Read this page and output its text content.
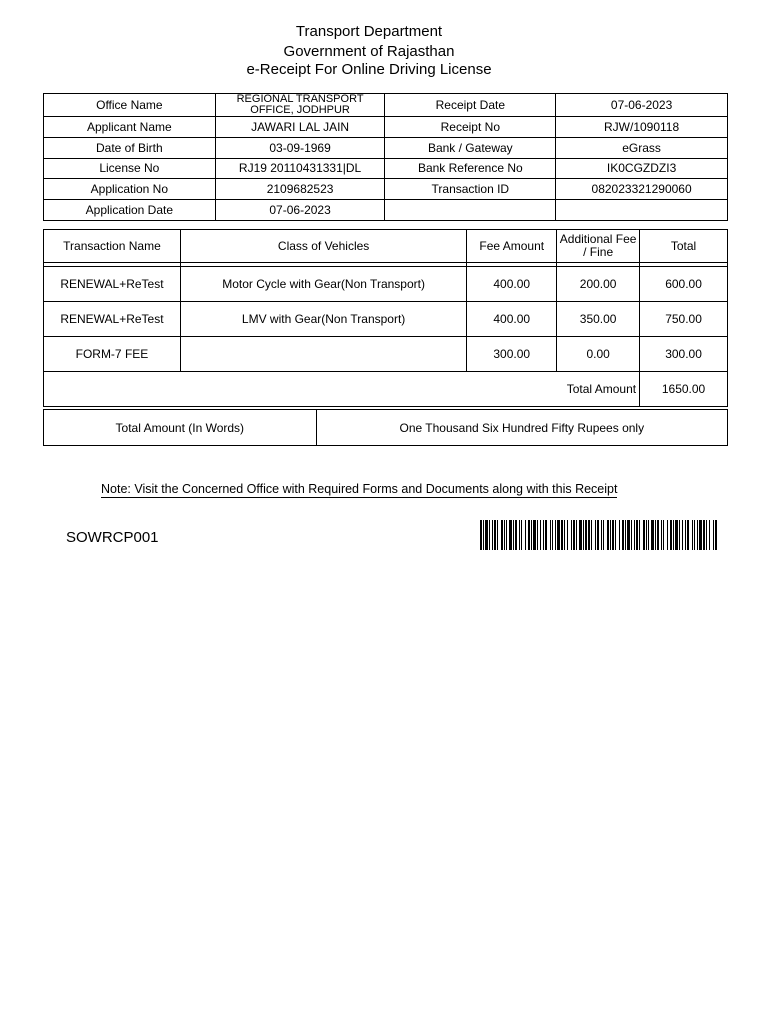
Transport Department
Government of Rajasthan
e-Receipt For Online Driving License
Office Name	REGIONAL TRANSPORT OFFICE, JODHPUR	Receipt Date	07-06-2023
Applicant Name	JAWARI LAL JAIN	Receipt No	RJW/1090118
Date of Birth	03-09-1969	Bank / Gateway	eGrass
License No	RJ19 20110431331|DL	Bank Reference No	IK0CGZDZI3
Application No	2109682523	Transaction ID	082023321290060
Application Date	07-06-2023		
Transaction Name	Class of Vehicles	Fee Amount	Additional Fee / Fine	Total

RENEWAL+ReTest	Motor Cycle with Gear(Non Transport)	400.00	200.00	600.00
RENEWAL+ReTest	LMV with Gear(Non Transport)	400.00	350.00	750.00
FORM-7 FEE		300.00	0.00	300.00
Total Amount				1650.00
Total Amount (In Words)	One Thousand Six Hundred Fifty Rupees only
Note: Visit the Concerned Office with Required Forms and Documents along with this Receipt
SOWRCP001
